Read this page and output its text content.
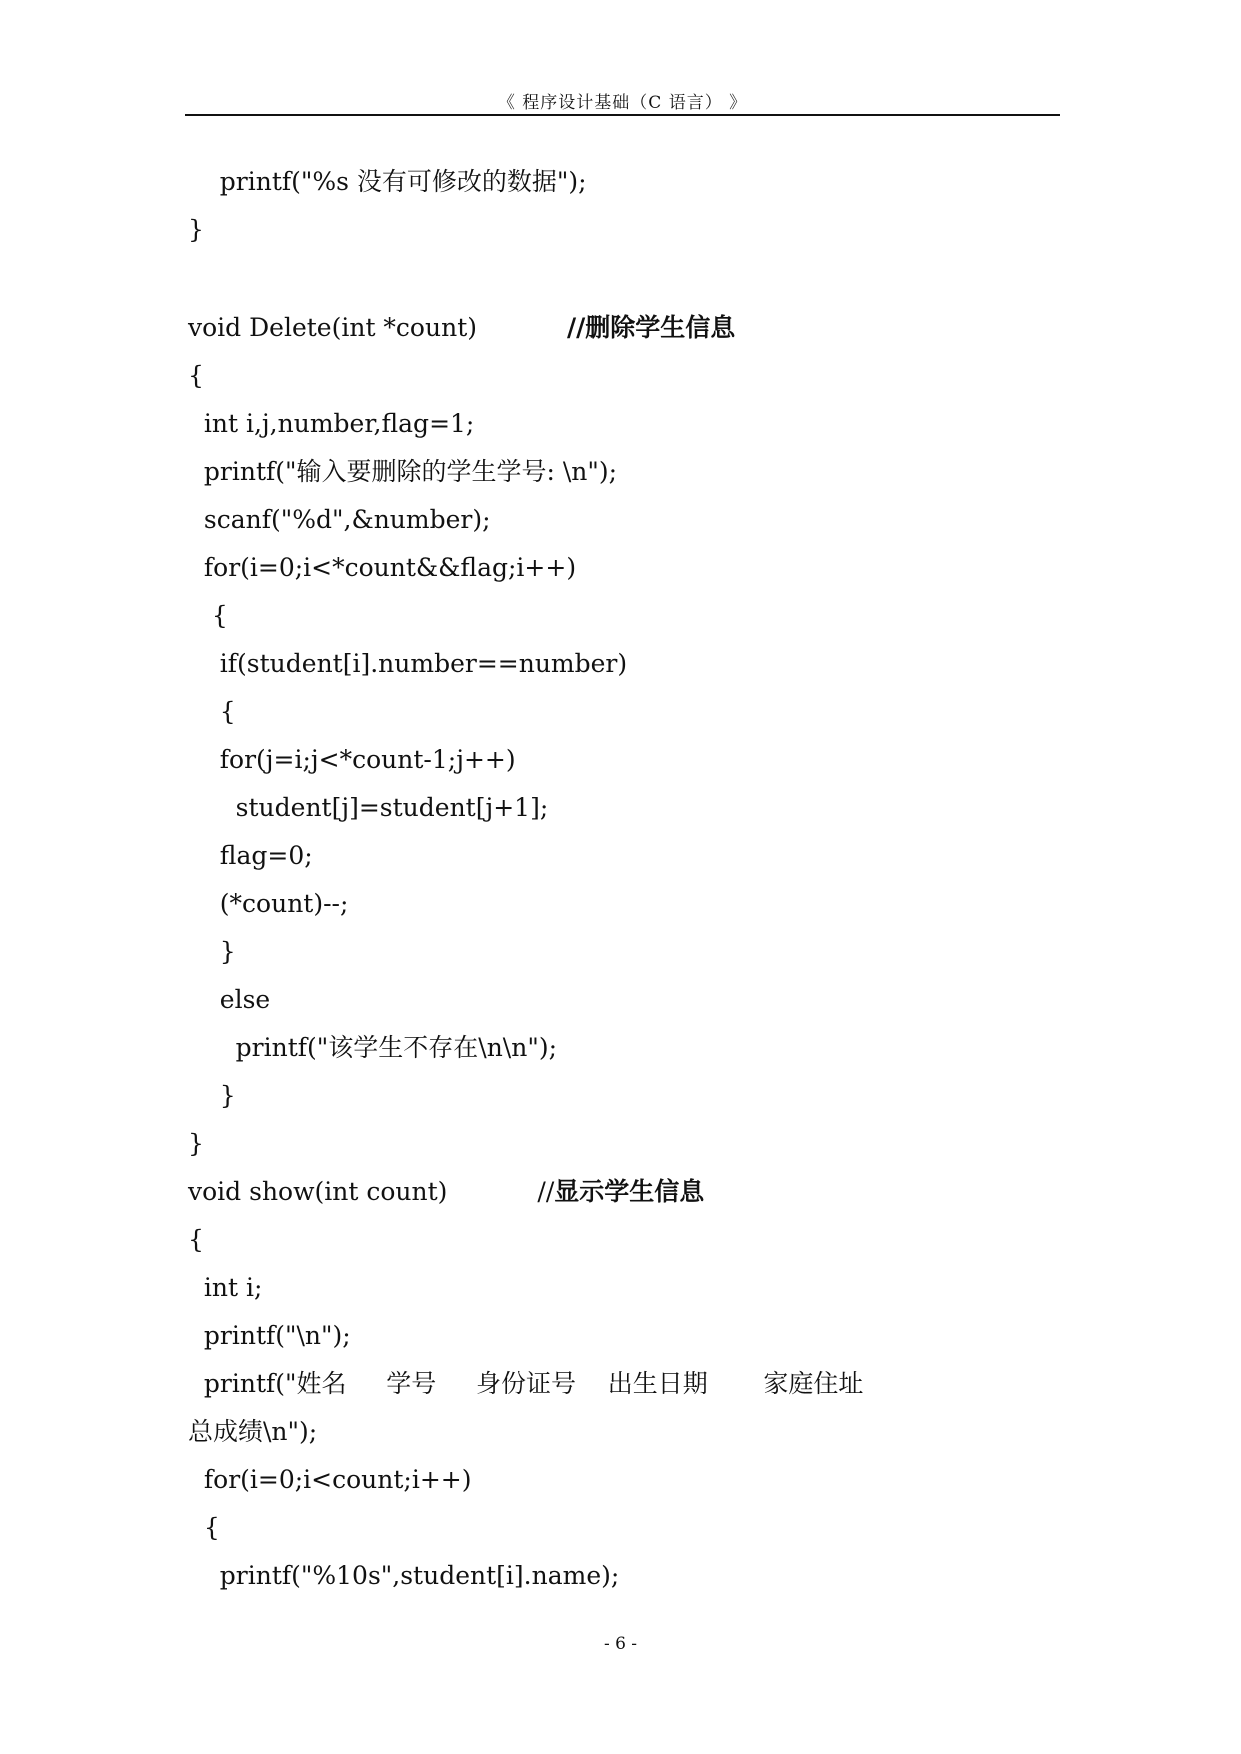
《 程序设计基础（C 语言） 》
printf("%s 没有可修改的数据");
}
void Delete(int *count)	//删除学生信息
{
int i,j,number,flag=1;
printf("输入要删除的学生学号: \n");
scanf("%d",&number);
for(i=0;i<*count&&flag;i++)
{
if(student[i].number==number)
{
for(j=i;j<*count-1;j++)
student[j]=student[j+1];
flag=0;
(*count)--;
}
else
printf("该学生不存在\n\n");
}
}
void show(int count)	//显示学生信息
{
int i;
printf("\n");
printf("姓名     学号     身份证号    出生日期       家庭住址
总成绩\n");
for(i=0;i<count;i++)
{
printf("%10s",student[i].name);
- 6 -
